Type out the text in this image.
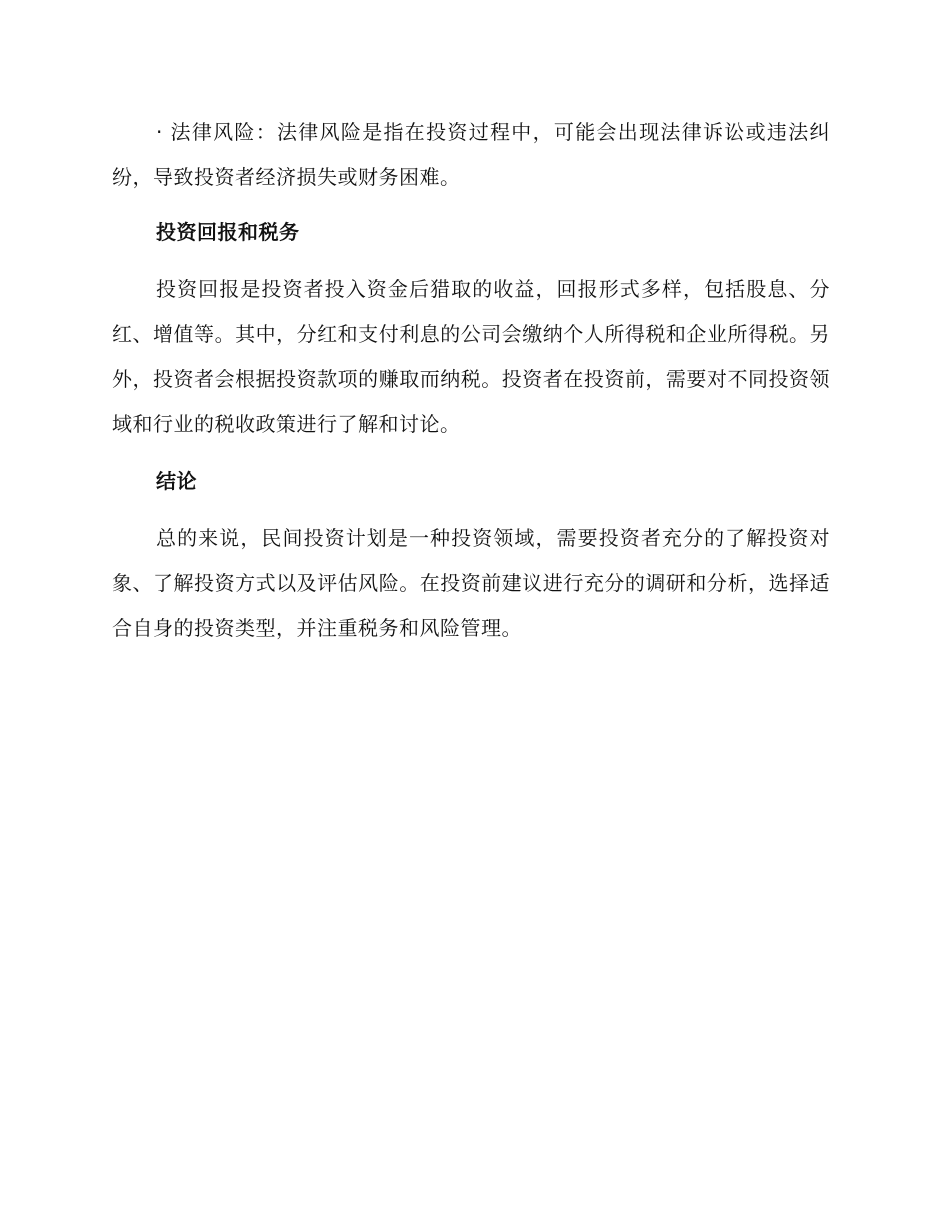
· 法律风险：法律风险是指在投资过程中，可能会出现法律诉讼或违法纠纷，导致投资者经济损失或财务困难。

投资回报和税务

投资回报是投资者投入资金后猎取的收益，回报形式多样，包括股息、分红、增值等。其中，分红和支付利息的公司会缴纳个人所得税和企业所得税。另外，投资者会根据投资款项的赚取而纳税。投资者在投资前，需要对不同投资领域和行业的税收政策进行了解和讨论。

结论

总的来说，民间投资计划是一种投资领域，需要投资者充分的了解投资对象、了解投资方式以及评估风险。在投资前建议进行充分的调研和分析，选择适合自身的投资类型，并注重税务和风险管理。
